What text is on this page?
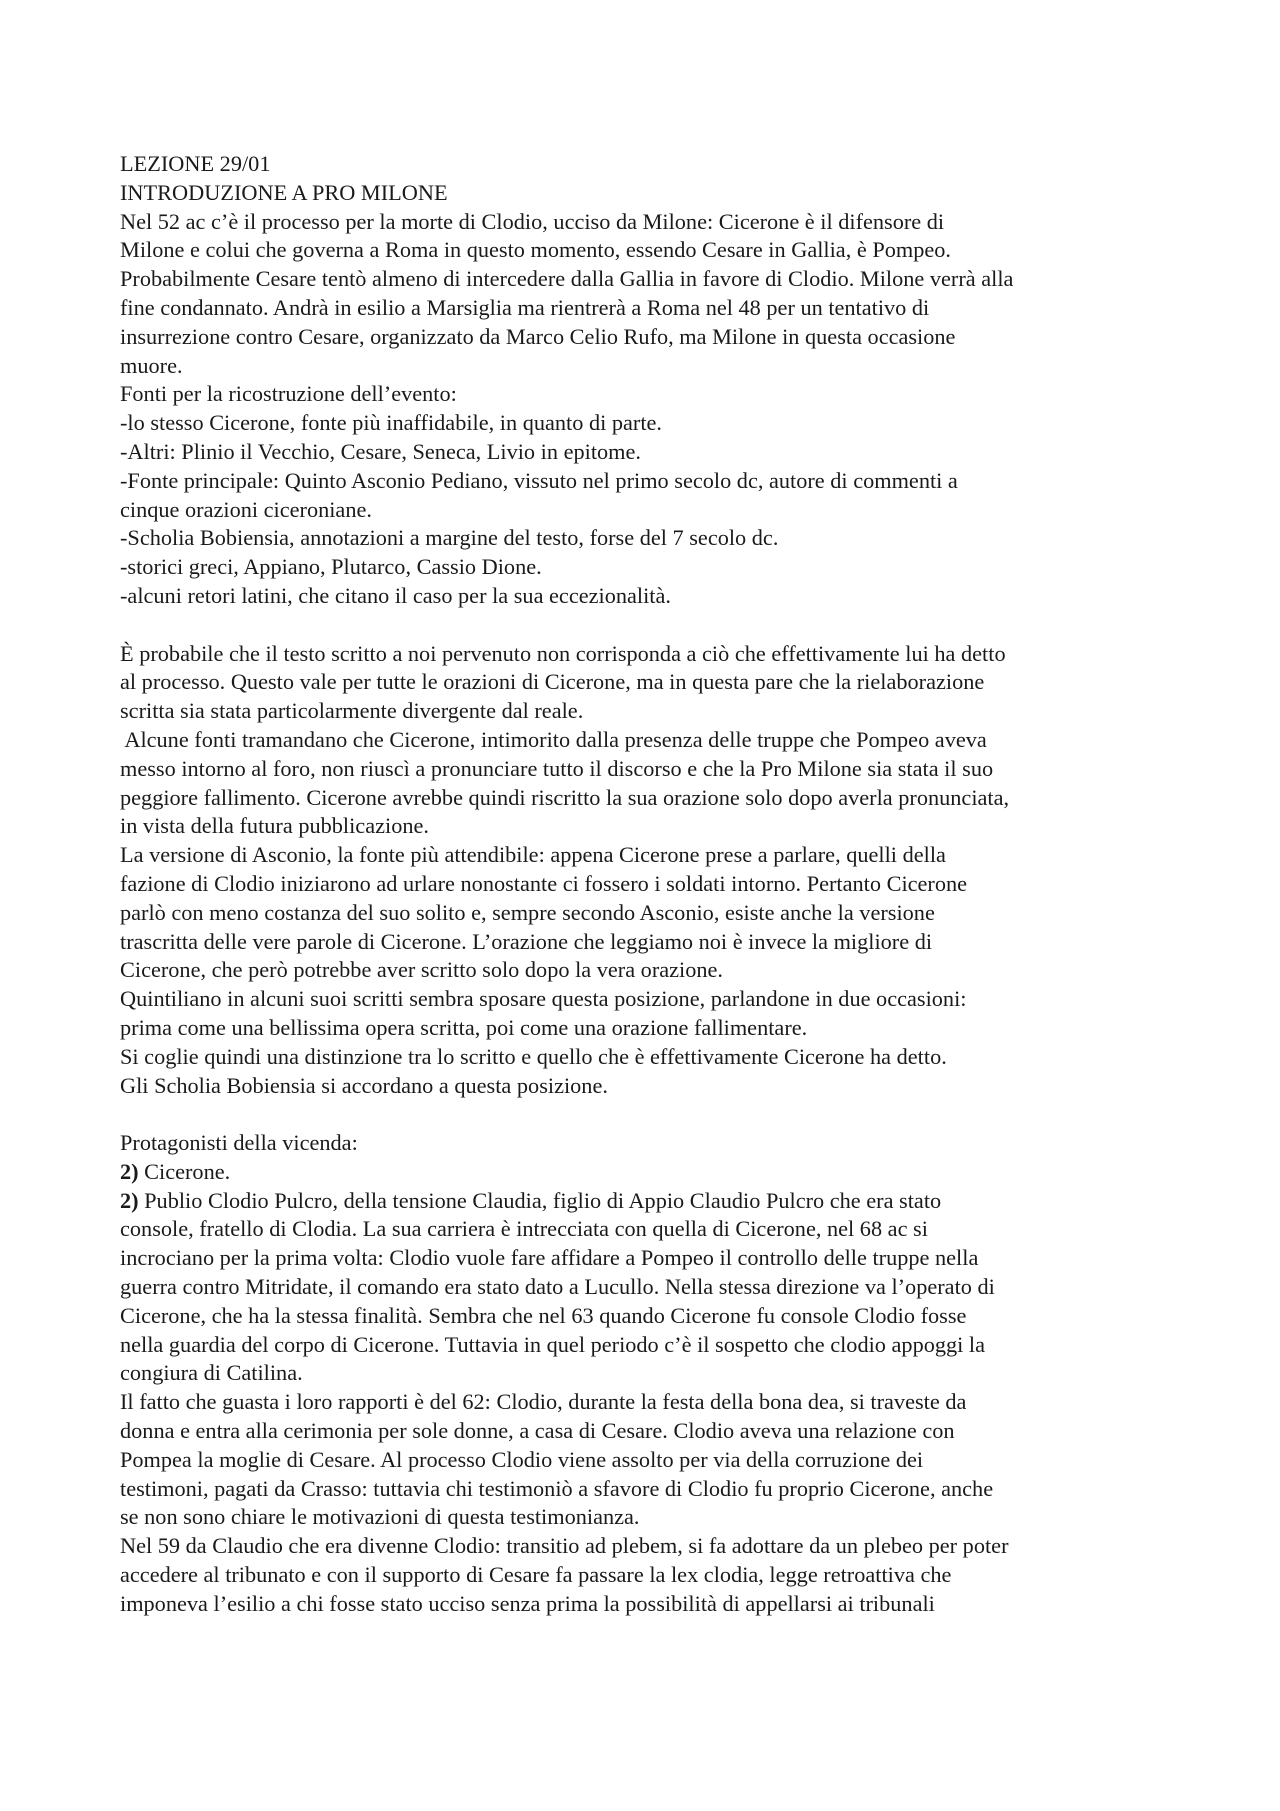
LEZIONE 29/01

INTRODUZIONE A PRO MILONE

Nel 52 ac c’è il processo per la morte di Clodio, ucciso da Milone: Cicerone è il difensore di

Milone e colui che governa a Roma in questo momento, essendo Cesare in Gallia, è Pompeo.

Probabilmente Cesare tentò almeno di intercedere dalla Gallia in favore di Clodio. Milone verrà alla

fine condannato. Andrà in esilio a Marsiglia ma rientrerà a Roma nel 48 per un tentativo di

insurrezione contro Cesare, organizzato da Marco Celio Rufo, ma Milone in questa occasione

muore.

Fonti per la ricostruzione dell’evento:

-lo stesso Cicerone, fonte più inaffidabile, in quanto di parte.

-Altri: Plinio il Vecchio, Cesare, Seneca, Livio in epitome.

-Fonte principale: Quinto Asconio Pediano, vissuto nel primo secolo dc, autore di commenti a

cinque orazioni ciceroniane.

-Scholia Bobiensia, annotazioni a margine del testo, forse del 7 secolo dc.

-storici greci, Appiano, Plutarco, Cassio Dione.

-alcuni retori latini, che citano il caso per la sua eccezionalità.

È probabile che il testo scritto a noi pervenuto non corrisponda a ciò che effettivamente lui ha detto

al processo. Questo vale per tutte le orazioni di Cicerone, ma in questa pare che la rielaborazione

scritta sia stata particolarmente divergente dal reale.

Alcune fonti tramandano che Cicerone, intimorito dalla presenza delle truppe che Pompeo aveva

messo intorno al foro, non riuscì a pronunciare tutto il discorso e che la Pro Milone sia stata il suo

peggiore fallimento. Cicerone avrebbe quindi riscritto la sua orazione solo dopo averla pronunciata,

in vista della futura pubblicazione.

La versione di Asconio, la fonte più attendibile: appena Cicerone prese a parlare, quelli della

fazione di Clodio iniziarono ad urlare nonostante ci fossero i soldati intorno. Pertanto Cicerone

parlò con meno costanza del suo solito e, sempre secondo Asconio, esiste anche la versione

trascritta delle vere parole di Cicerone. L’orazione che leggiamo noi è invece la migliore di

Cicerone, che però potrebbe aver scritto solo dopo la vera orazione.

Quintiliano in alcuni suoi scritti sembra sposare questa posizione, parlandone in due occasioni:

prima come una bellissima opera scritta, poi come una orazione fallimentare.

Si coglie quindi una distinzione tra lo scritto e quello che è effettivamente Cicerone ha detto.

Gli Scholia Bobiensia si accordano a questa posizione.

Protagonisti della vicenda:

2) Cicerone.

2) Publio Clodio Pulcro, della tensione Claudia, figlio di Appio Claudio Pulcro che era stato

console, fratello di Clodia. La sua carriera è intrecciata con quella di Cicerone, nel 68 ac si

incrociano per la prima volta: Clodio vuole fare affidare a Pompeo il controllo delle truppe nella

guerra contro Mitridate, il comando era stato dato a Lucullo. Nella stessa direzione va l’operato di

Cicerone, che ha la stessa finalità. Sembra che nel 63 quando Cicerone fu console Clodio fosse

nella guardia del corpo di Cicerone. Tuttavia in quel periodo c’è il sospetto che clodio appoggi la

congiura di Catilina.

Il fatto che guasta i loro rapporti è del 62: Clodio, durante la festa della bona dea, si traveste da

donna e entra alla cerimonia per sole donne, a casa di Cesare. Clodio aveva una relazione con

Pompea la moglie di Cesare. Al processo Clodio viene assolto per via della corruzione dei

testimoni, pagati da Crasso: tuttavia chi testimoniò a sfavore di Clodio fu proprio Cicerone, anche

se non sono chiare le motivazioni di questa testimonianza.

Nel 59 da Claudio che era divenne Clodio: transitio ad plebem, si fa adottare da un plebeo per poter

accedere al tribunato e con il supporto di Cesare fa passare la lex clodia, legge retroattiva che

imponeva l’esilio a chi fosse stato ucciso senza prima la possibilità di appellarsi ai tribunali
